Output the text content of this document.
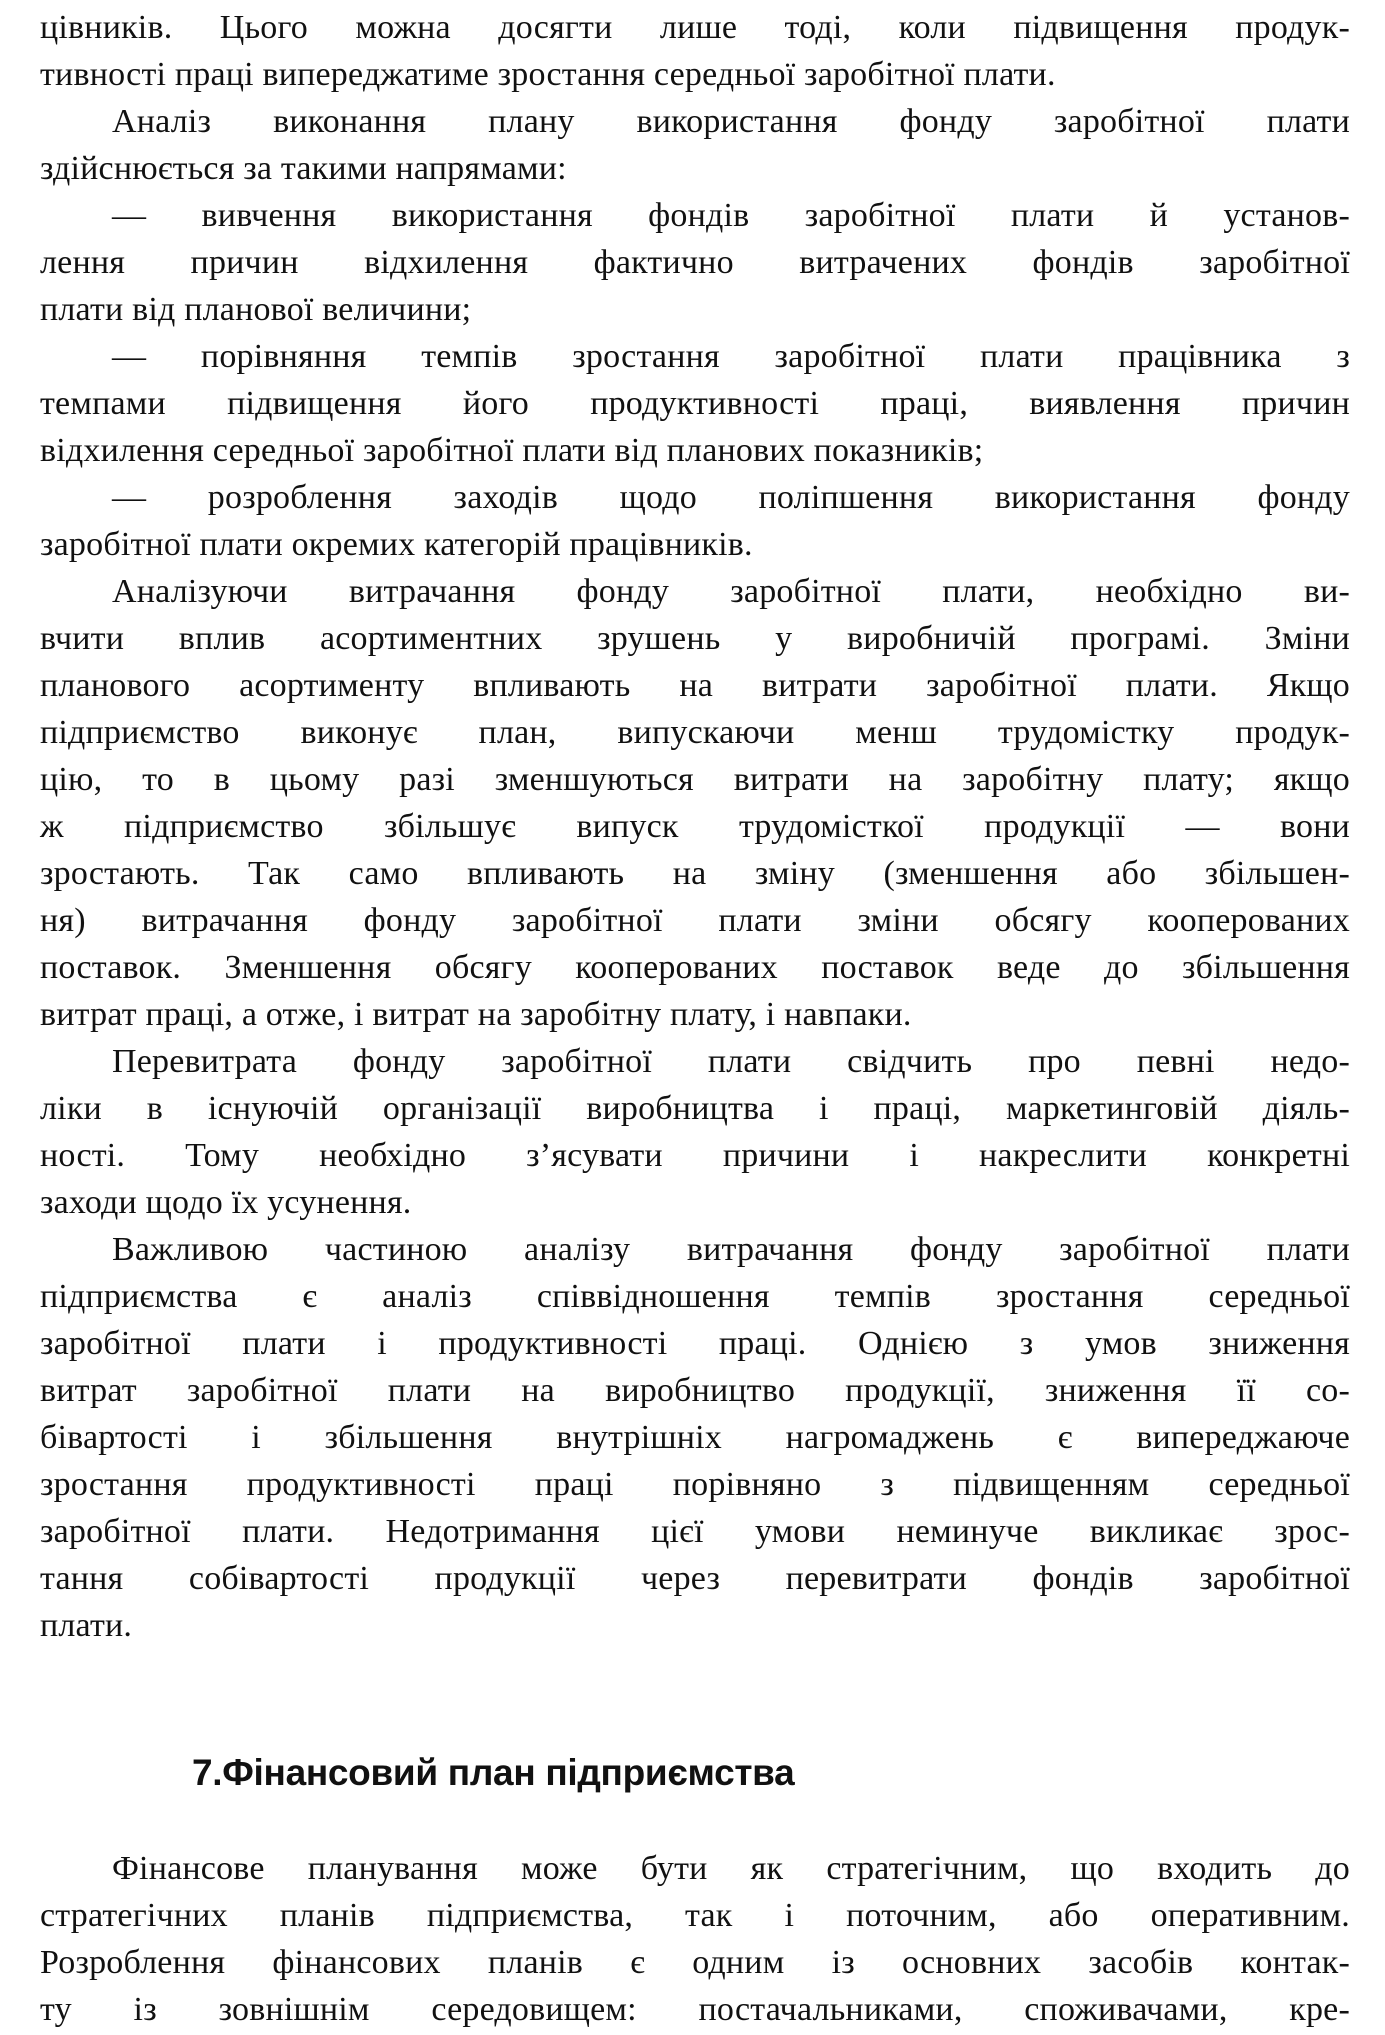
цівників. Цього можна досягти лише тоді, коли підвищення продук-
тивності праці випереджатиме зростання середньої заробітної плати.
Аналіз виконання плану використання фонду заробітної плати
здійснюється за такими напрямами:
— вивчення використання фондів заробітної плати й установ-
лення причин відхилення фактично витрачених фондів заробітної
плати від планової величини;
— порівняння темпів зростання заробітної плати працівника з
темпами підвищення його продуктивності праці, виявлення причин
відхилення середньої заробітної плати від планових показників;
— розроблення заходів щодо поліпшення використання фонду
заробітної плати окремих категорій працівників.
Аналізуючи витрачання фонду заробітної плати, необхідно ви-
вчити вплив асортиментних зрушень у виробничій програмі. Зміни
планового асортименту впливають на витрати заробітної плати. Якщо
підприємство виконує план, випускаючи менш трудомістку продук-
цію, то в цьому разі зменшуються витрати на заробітну плату; якщо
ж підприємство збільшує випуск трудомісткої продукції — вони
зростають. Так само впливають на зміну (зменшення або збільшен-
ня) витрачання фонду заробітної плати зміни обсягу кооперованих
поставок. Зменшення обсягу кооперованих поставок веде до збільшення
витрат праці, а отже, і витрат на заробітну плату, і навпаки.
Перевитрата фонду заробітної плати свідчить про певні недо-
ліки в існуючій організації виробництва і праці, маркетинговій діяль-
ності. Тому необхідно з’ясувати причини і накреслити конкретні
заходи щодо їх усунення.
Важливою частиною аналізу витрачання фонду заробітної плати
підприємства є аналіз співвідношення темпів зростання середньої
заробітної плати і продуктивності праці. Однією з умов зниження
витрат заробітної плати на виробництво продукції, зниження її со-
бівартості і збільшення внутрішніх нагромаджень є випереджаюче
зростання продуктивності праці порівняно з підвищенням середньої
заробітної плати. Недотримання цієї умови неминуче викликає зрос-
тання собівартості продукції через перевитрати фондів заробітної
плати.
7.Фінансовий план підприємства
Фінансове планування може бути як стратегічним, що входить до
стратегічних планів підприємства, так і поточним, або оперативним.
Розроблення фінансових планів є одним із основних засобів контак-
ту із зовнішнім середовищем: постачальниками, споживачами, кре-
